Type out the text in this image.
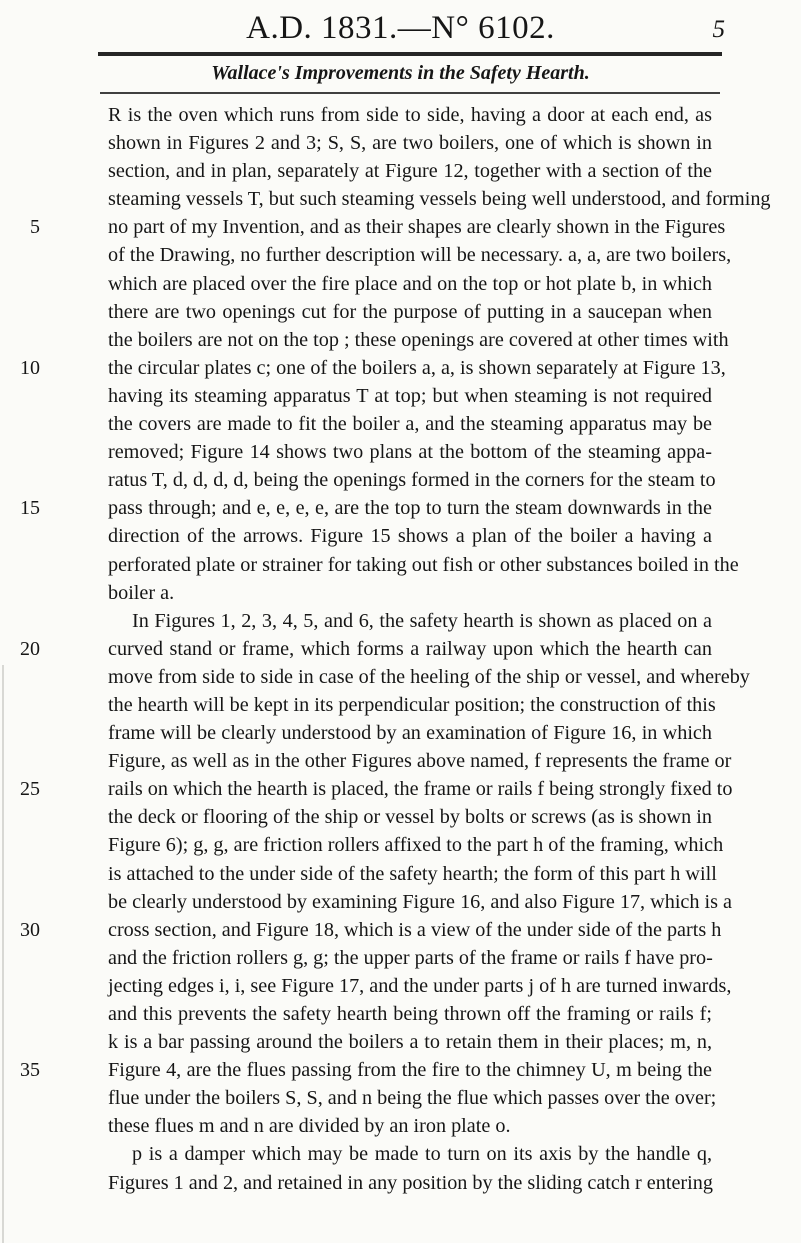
A.D. 1831.—N° 6102.	5
Wallace's Improvements in the Safety Hearth.
R is the oven which runs from side to side, having a door at each end, as
shown in Figures 2 and 3; S, S, are two boilers, one of which is shown in
section, and in plan, separately at Figure 12, together with a section of the
steaming vessels T, but such steaming vessels being well understood, and forming
5	no part of my Invention, and as their shapes are clearly shown in the Figures
of the Drawing, no further description will be necessary. a, a, are two boilers,
which are placed over the fire place and on the top or hot plate b, in which
there are two openings cut for the purpose of putting in a saucepan when
the boilers are not on the top ; these openings are covered at other times with
10	the circular plates c; one of the boilers a, a, is shown separately at Figure 13,
having its steaming apparatus T at top; but when steaming is not required
the covers are made to fit the boiler a, and the steaming apparatus may be
removed; Figure 14 shows two plans at the bottom of the steaming appa-
ratus T, d, d, d, d, being the openings formed in the corners for the steam to
15	pass through; and e, e, e, e, are the top to turn the steam downwards in the
direction of the arrows. Figure 15 shows a plan of the boiler a having a
perforated plate or strainer for taking out fish or other substances boiled in the
boiler a.
In Figures 1, 2, 3, 4, 5, and 6, the safety hearth is shown as placed on a
20	curved stand or frame, which forms a railway upon which the hearth can
move from side to side in case of the heeling of the ship or vessel, and whereby
the hearth will be kept in its perpendicular position; the construction of this
frame will be clearly understood by an examination of Figure 16, in which
Figure, as well as in the other Figures above named, f represents the frame or
25	rails on which the hearth is placed, the frame or rails f being strongly fixed to
the deck or flooring of the ship or vessel by bolts or screws (as is shown in
Figure 6); g, g, are friction rollers affixed to the part h of the framing, which
is attached to the under side of the safety hearth; the form of this part h will
be clearly understood by examining Figure 16, and also Figure 17, which is a
30	cross section, and Figure 18, which is a view of the under side of the parts h
and the friction rollers g, g; the upper parts of the frame or rails f have pro-
jecting edges i, i, see Figure 17, and the under parts j of h are turned inwards,
and this prevents the safety hearth being thrown off the framing or rails f;
k is a bar passing around the boilers a to retain them in their places; m, n,
35	Figure 4, are the flues passing from the fire to the chimney U, m being the
flue under the boilers S, S, and n being the flue which passes over the over;
these flues m and n are divided by an iron plate o.
p is a damper which may be made to turn on its axis by the handle q,
Figures 1 and 2, and retained in any position by the sliding catch r entering
